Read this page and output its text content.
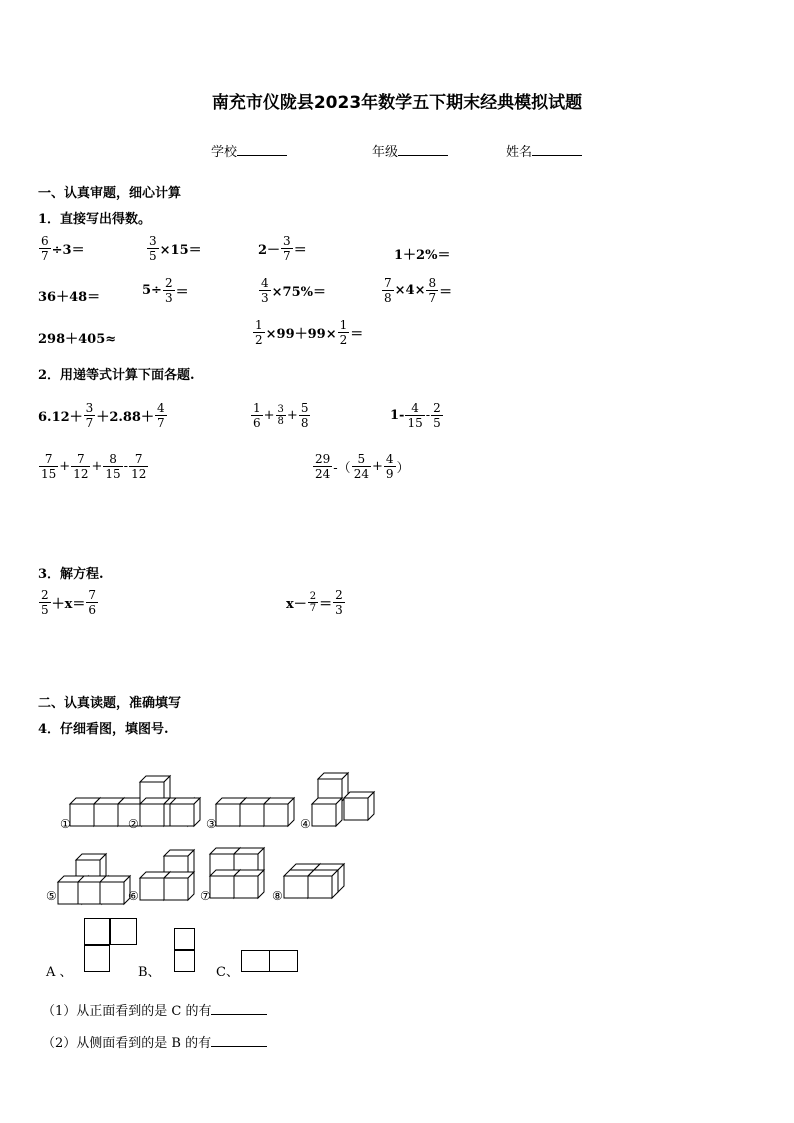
南充市仪陇县2023年数学五下期末经典模拟试题
学校	年级	姓名
一、认真审题，细心计算
1．直接写出得数。
$\frac{6}{7} \div 3=$	$\frac{3}{5} \times 15=$	$2- \frac{3}{7}$ ＝	1＋2%＝
36＋48＝	$5\div \frac{2}{3}$ ＝	$\frac{4}{3} \times 75\%=$	$\frac{7}{8} \times 4\times \frac{8}{7}$ ＝
298＋405≈	$\frac{1}{2} \times 99+99\times \frac{1}{2}$ ＝
2．用递等式计算下面各题.
$6.12+ \frac{3}{7} +2.88+ \frac{4}{7}$	$\frac{1}{6} + \frac{3}{8} + \frac{5}{8}$	$1- \frac{4}{15} - \frac{2}{5}$
$\frac{7}{15} + \frac{7}{12} + \frac{8}{15} - \frac{7}{12}$	$\frac{29}{24}$ -（ $\frac{5}{24} + \frac{4}{9}$ ）
3．解方程.
$\frac{2}{5} +x= \frac{7}{6}$	$x- \frac{2}{7} = \frac{2}{3}$
二、认真读题，准确填写
4．仔细看图，填图号.
①	②	③	④
⑤	⑥	⑦	⑧
A 、	B、	C、
（1）从正面看到的是 C 的有
（2）从侧面看到的是 B 的有
